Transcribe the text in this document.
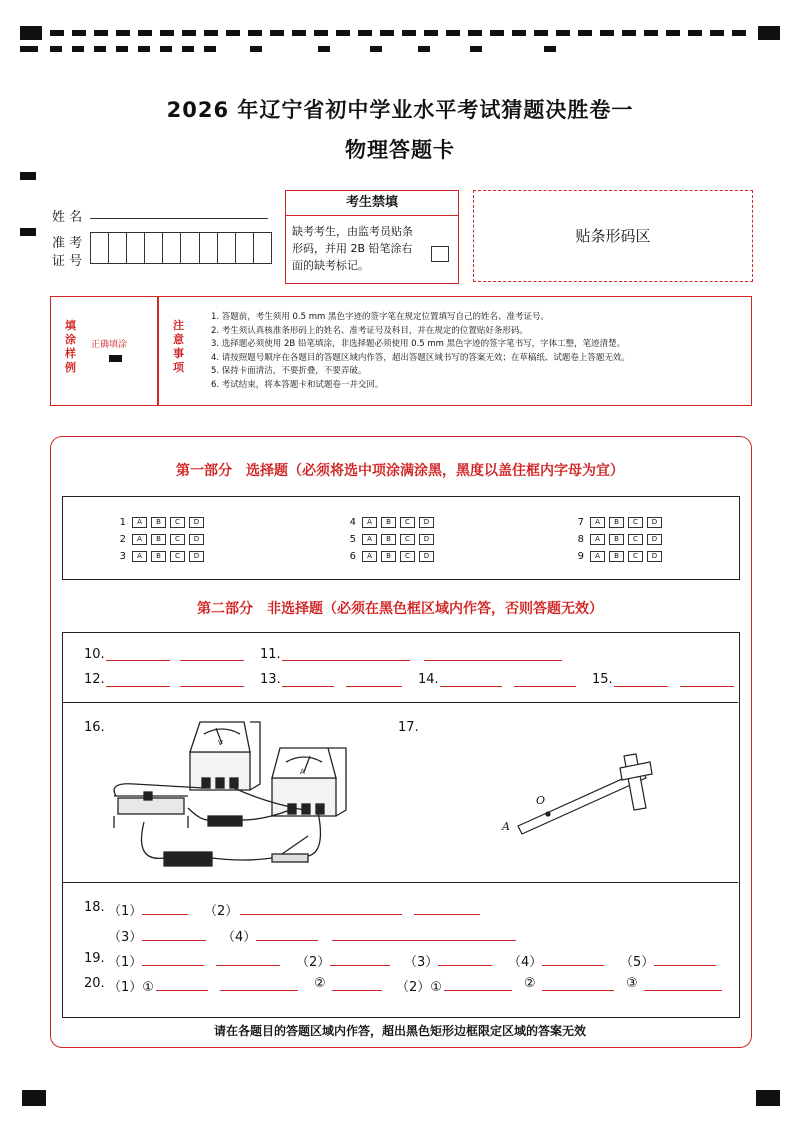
2026 年辽宁省初中学业水平考试猜题决胜卷一
物理答题卡
姓 名
准 考
证 号
考生禁填
缺考考生，由监考员贴条形码，并用 2B 铅笔涂右面的缺考标记。
贴条形码区
填涂样例
正确填涂
注意事项
1. 答题前，考生须用 0.5 mm 黑色字迹的签字笔在规定位置填写自己的姓名、准考证号。
2. 考生须认真核准条形码上的姓名、准考证号及科目，并在规定的位置贴好条形码。
3. 选择题必须使用 2B 铅笔填涂，非选择题必须使用 0.5 mm 黑色字迹的签字笔书写，字体工整，笔迹清楚。
4. 请按照题号顺序在各题目的答题区域内作答，超出答题区域书写的答案无效；在草稿纸、试题卷上答题无效。
5. 保持卡面清洁，不要折叠，不要弄破。
6. 考试结束，将本答题卡和试题卷一并交回。
第一部分　选择题（必须将选中项涂满涂黑，黑度以盖住框内字母为宜）
1 A B C D
2 A B C D
3 A B C D
4 A B C D
5 A B C D
6 A B C D
7 A B C D
8 A B C D
9 A B C D
第二部分　非选择题（必须在黑色框区域内作答，否则答题无效）
10.	11.
12.	13.	14.	15.
16.
V
A
17.
O
A
18. （1）	（2）
（3）	（4）
19. （1）	（2）	（3）	（4）	（5）
20. （1）①	②	（2）①	②	③
请在各题目的答题区域内作答，超出黑色矩形边框限定区域的答案无效
